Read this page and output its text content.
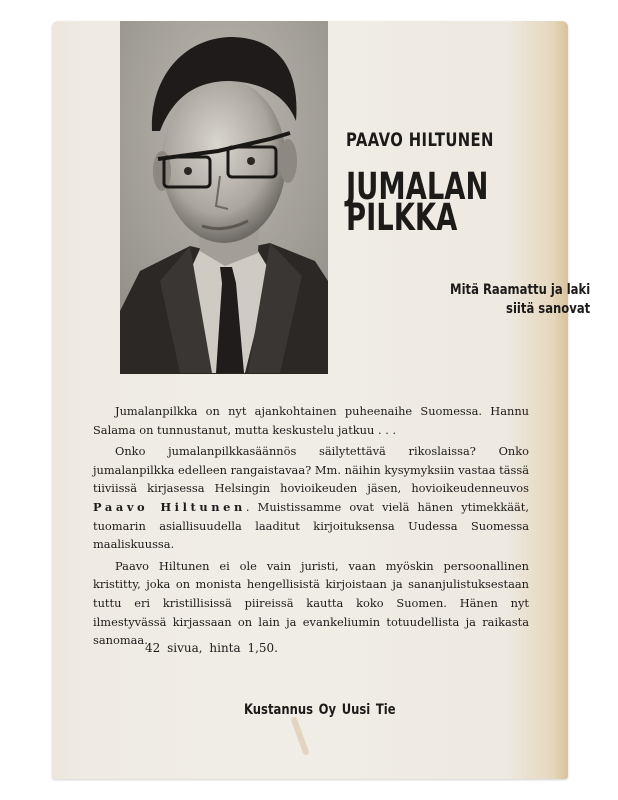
PAAVO HILTUNEN
JUMALAN
PILKKA
Mitä Raamattu ja laki
siitä sanovat

Jumalanpilkka on nyt ajankohtainen puheenaihe Suomessa. Hannu Salama on tunnustanut, mutta keskustelu jatkuu . . .

Onko jumalanpilkkasäännös säilytettävä rikoslaissa? Onko jumalanpilkka edelleen rangaistavaa? Mm. näihin kysymyksiin vastaa tässä tiiviissä kirjasessa Helsingin hovioikeuden jäsen, hovioikeudenneuvos Paavo Hiltunen. Muistissamme ovat vielä hänen ytimekkäät, tuomarin asiallisuudella laaditut kirjoituksensa Uudessa Suomessa maaliskuussa.

Paavo Hiltunen ei ole vain juristi, vaan myöskin persoonallinen kristitty, joka on monista hengellisistä kirjoistaan ja sananjulistuksestaan tuttu eri kristillisissä piireissä kautta koko Suomen. Hänen nyt ilmestyvässä kirjassaan on lain ja evankeliumin totuudellista ja raikasta sanomaa.

42 sivua, hinta 1,50.
Kustannus Oy Uusi Tie
